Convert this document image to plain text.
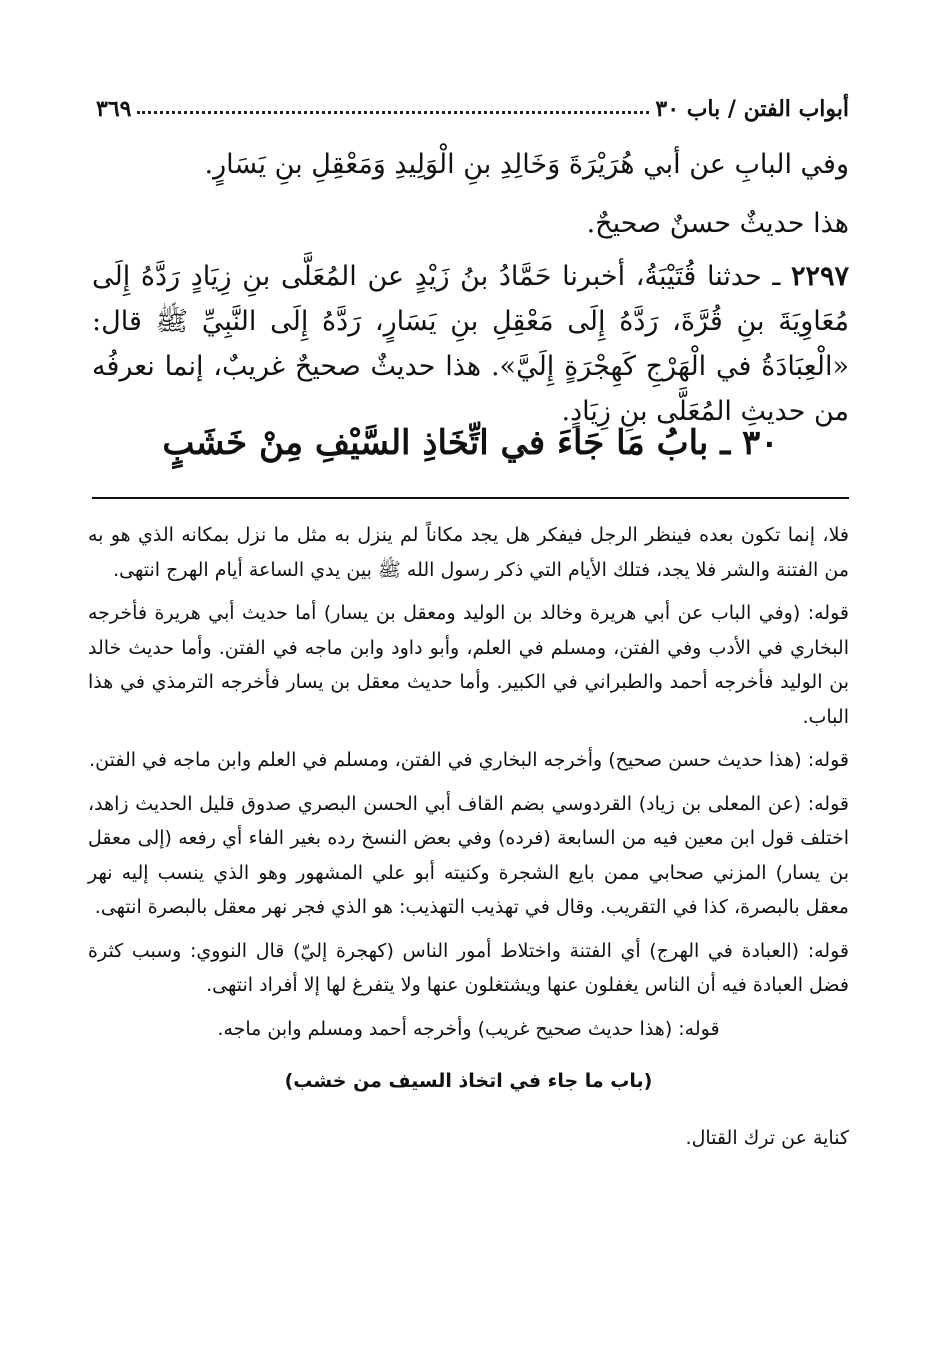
أبواب الفتن / باب ٣٠
٣٦٩

وفي البابِ عن أبي هُرَيْرَةَ وَخَالِدِ بنِ الْوَلِيدِ وَمَعْقِلِ بنِ يَسَارٍ.

هذا حديثٌ حسنٌ صحيحٌ.

٢٢٩٧ ـ حدثنا قُتَيْبَةُ، أخبرنا حَمَّادُ بنُ زَيْدٍ عن المُعَلَّى بنِ زِيَادٍ رَدَّهُ إِلَى مُعَاوِيَةَ بنِ قُرَّةَ، رَدَّهُ إِلَى مَعْقِلِ بنِ يَسَارٍ، رَدَّهُ إِلَى النَّبِيِّ ﷺ قال: «الْعِبَادَةُ في الْهَرْجِ كَهِجْرَةٍ إِلَيَّ». هذا حديثٌ صحيحٌ غريبٌ، إنما نعرفُه من حديثِ المُعَلَّى بنِ زِيَادٍ.

٣٠ ـ بابُ مَا جَاءَ في اتِّخَاذِ السَّيْفِ مِنْ خَشَبٍ

فلا، إنما تكون بعده فينظر الرجل فيفكر هل يجد مكاناً لم ينزل به مثل ما نزل بمكانه الذي هو به من الفتنة والشر فلا يجد، فتلك الأيام التي ذكر رسول الله ﷺ بين يدي الساعة أيام الهرج انتهى.

قوله: (وفي الباب عن أبي هريرة وخالد بن الوليد ومعقل بن يسار) أما حديث أبي هريرة فأخرجه البخاري في الأدب وفي الفتن، ومسلم في العلم، وأبو داود وابن ماجه في الفتن. وأما حديث خالد بن الوليد فأخرجه أحمد والطبراني في الكبير. وأما حديث معقل بن يسار فأخرجه الترمذي في هذا الباب.

قوله: (هذا حديث حسن صحيح) وأخرجه البخاري في الفتن، ومسلم في العلم وابن ماجه في الفتن.

قوله: (عن المعلى بن زياد) القردوسي بضم القاف أبي الحسن البصري صدوق قليل الحديث زاهد، اختلف قول ابن معين فيه من السابعة (فرده) وفي بعض النسخ رده بغير الفاء أي رفعه (إلى معقل بن يسار) المزني صحابي ممن بايع الشجرة وكنيته أبو علي المشهور وهو الذي ينسب إليه نهر معقل بالبصرة، كذا في التقريب. وقال في تهذيب التهذيب: هو الذي فجر نهر معقل بالبصرة انتهى.

قوله: (العبادة في الهرج) أي الفتنة واختلاط أمور الناس (كهجرة إليّ) قال النووي: وسبب كثرة فضل العبادة فيه أن الناس يغفلون عنها ويشتغلون عنها ولا يتفرغ لها إلا أفراد انتهى.

قوله: (هذا حديث صحيح غريب) وأخرجه أحمد ومسلم وابن ماجه.

(باب ما جاء في اتخاذ السيف من خشب)

كناية عن ترك القتال.
